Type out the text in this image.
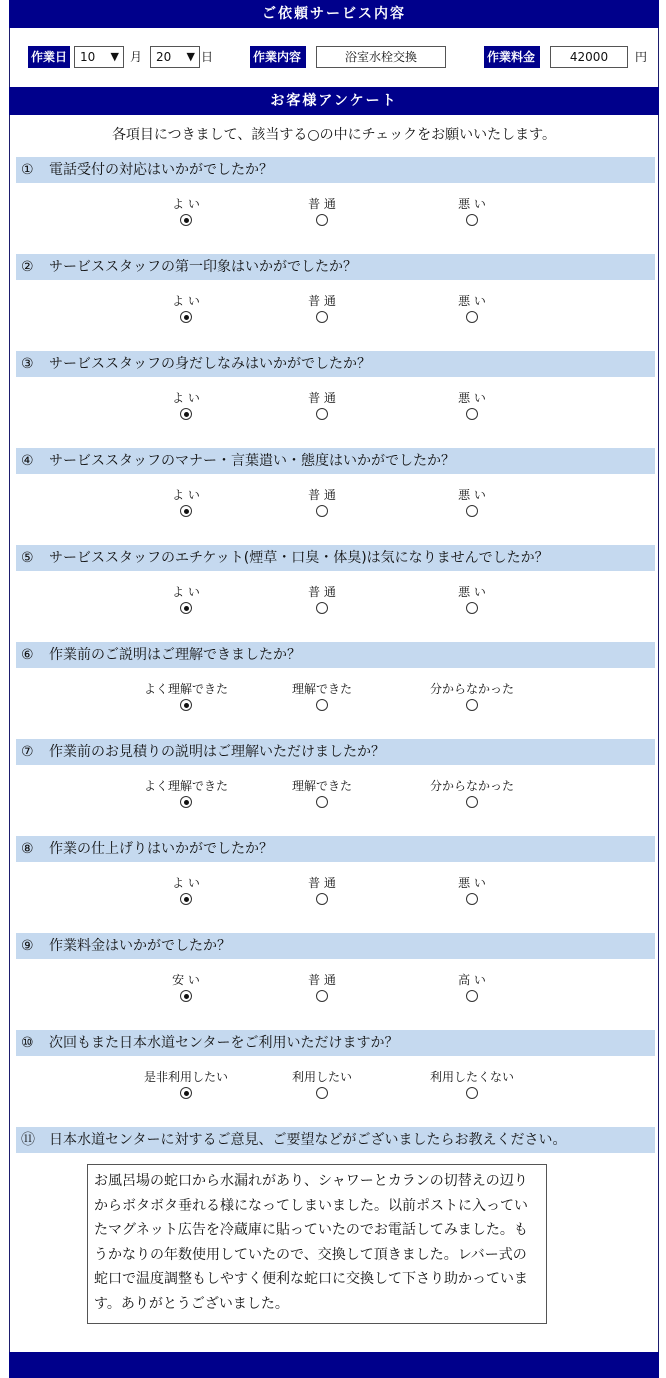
ご依頼サービス内容
作業日	10 ▼ 月	20 ▼ 日	作業内容	浴室水栓交換	作業料金	42000	円
お客様アンケート
各項目につきまして、該当する○の中にチェックをお願いいたします。
① 電話受付の対応はいかがでしたか？
よ い	普 通	悪 い
② サービススタッフの第一印象はいかがでしたか？
よ い	普 通	悪 い
③ サービススタッフの身だしなみはいかがでしたか？
よ い	普 通	悪 い
④ サービススタッフのマナー・言葉遣い・態度はいかがでしたか？
よ い	普 通	悪 い
⑤ サービススタッフのエチケット(煙草・口臭・体臭)は気になりませんでしたか？
よ い	普 通	悪 い
⑥ 作業前のご説明はご理解できましたか？
よく理解できた	理解できた	分からなかった
⑦ 作業前のお見積りの説明はご理解いただけましたか？
よく理解できた	理解できた	分からなかった
⑧ 作業の仕上げりはいかがでしたか？
よ い	普 通	悪 い
⑨ 作業料金はいかがでしたか？
安 い	普 通	高 い
⑩ 次回もまた日本水道センターをご利用いただけますか？
是非利用したい	利用したい	利用したくない
⑪ 日本水道センターに対するご意見、ご要望などがございましたらお教えください。
お風呂場の蛇口から水漏れがあり、シャワーとカランの切替えの辺りからボタボタ垂れる様になってしまいました。以前ポストに入っていたマグネット広告を冷蔵庫に貼っていたのでお電話してみました。もうかなりの年数使用していたので、交換して頂きました。レバー式の蛇口で温度調整もしやすく便利な蛇口に交換して下さり助かっています。ありがとうございました。
